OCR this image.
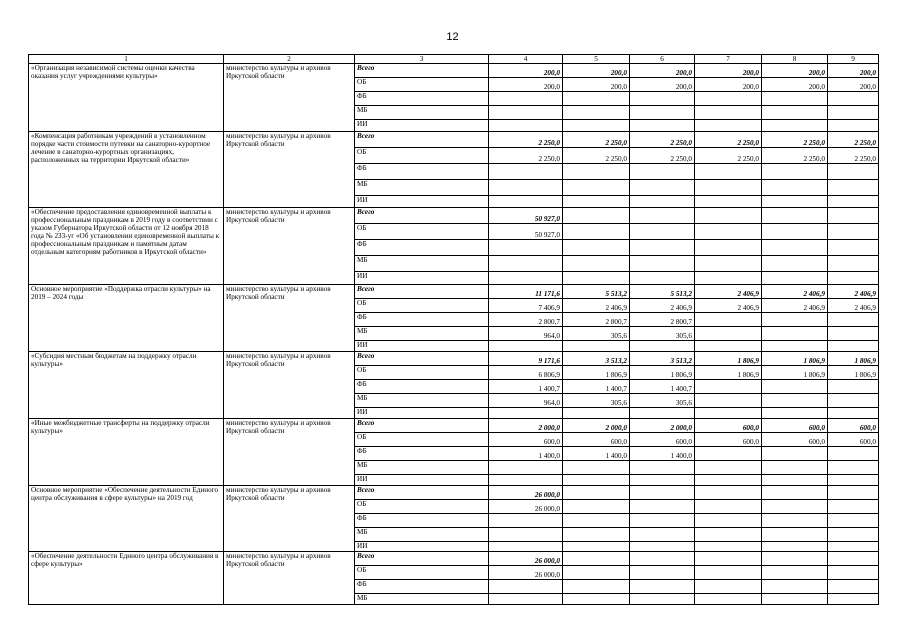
12
1	2	3	4	5	6	7	8	9
«Организация независимой системы оценки качества оказания услуг учреждениями культуры»	министерство культуры и архивов Иркутской области	Всего	200,0	200,0	200,0	200,0	200,0	200,0
		ОБ	200,0	200,0	200,0	200,0	200,0	200,0
		ФБ						
		МБ						
		ИИ						
«Компенсация работникам учреждений в установленном порядке части стоимости путевки на санаторно-курортное лечение в санаторно-курортных организациях, расположенных на территории Иркутской области»	министерство культуры и архивов Иркутской области	Всего	2 250,0	2 250,0	2 250,0	2 250,0	2 250,0	2 250,0
		ОБ	2 250,0	2 250,0	2 250,0	2 250,0	2 250,0	2 250,0
		ФБ						
		МБ						
		ИИ						
«Обеспечение предоставления единовременной выплаты к профессиональным праздникам в 2019 году в соответствии с указом Губернатора Иркутской области от 12 ноября 2018 года № 233-уг «Об установлении единовременной выплаты к профессиональным праздникам и памятным датам отдельным категориям работников в Иркутской области»	министерство культуры и архивов Иркутской области	Всего	50 927,0					
		ОБ	50 927,0					
		ФБ						
		МБ						
		ИИ						
Основное мероприятие «Поддержка отрасли культуры» на 2019 – 2024 годы	министерство культуры и архивов Иркутской области	Всего	11 171,6	5 513,2	5 513,2	2 406,9	2 406,9	2 406,9
		ОБ	7 406,9	2 406,9	2 406,9	2 406,9	2 406,9	2 406,9
		ФБ	2 800,7	2 800,7	2 800,7			
		МБ	964,0	305,6	305,6			
		ИИ						
«Субсидия местным бюджетам на поддержку отрасли культуры»	министерство культуры и архивов Иркутской области	Всего	9 171,6	3 513,2	3 513,2	1 806,9	1 806,9	1 806,9
		ОБ	6 806,9	1 806,9	1 806,9	1 806,9	1 806,9	1 806,9
		ФБ	1 400,7	1 400,7	1 400,7			
		МБ	964,0	305,6	305,6			
		ИИ						
«Иные межбюджетные трансферты на поддержку отрасли культуры»	министерство культуры и архивов Иркутской области	Всего	2 000,0	2 000,0	2 000,0	600,0	600,0	600,0
		ОБ	600,0	600,0	600,0	600,0	600,0	600,0
		ФБ	1 400,0	1 400,0	1 400,0			
		МБ						
		ИИ						
Основное мероприятие «Обеспечение деятельности Единого центра обслуживания в сфере культуры» на 2019 год	министерство культуры и архивов Иркутской области	Всего	26 000,0					
		ОБ	26 000,0					
		ФБ						
		МБ						
		ИИ						
«Обеспечение деятельности Единого центра обслуживания в сфере культуры»	министерство культуры и архивов Иркутской области	Всего	26 000,0					
		ОБ	26 000,0					
		ФБ						
		МБ						
